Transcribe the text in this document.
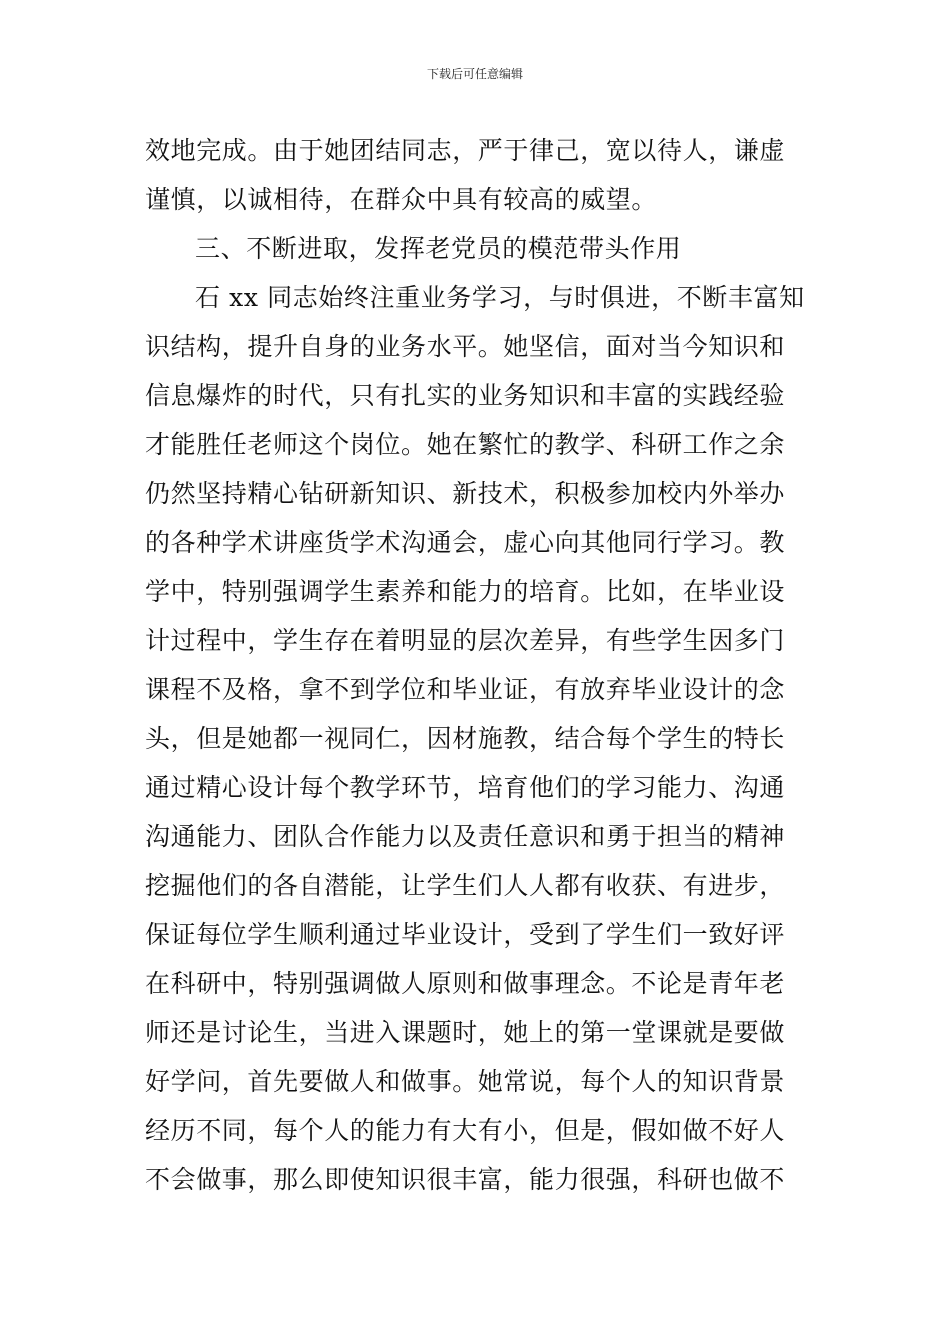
下载后可任意编辑
效地完成。由于她团结同志，严于律己，宽以待人，谦虚
谨慎，以诚相待，在群众中具有较高的威望。
三、不断进取，发挥老党员的模范带头作用
石 xx 同志始终注重业务学习，与时俱进，不断丰富知
识结构，提升自身的业务水平。她坚信，面对当今知识和
信息爆炸的时代，只有扎实的业务知识和丰富的实践经验
才能胜任老师这个岗位。她在繁忙的教学、科研工作之余
仍然坚持精心钻研新知识、新技术，积极参加校内外举办
的各种学术讲座货学术沟通会，虚心向其他同行学习。教
学中，特别强调学生素养和能力的培育。比如，在毕业设
计过程中，学生存在着明显的层次差异，有些学生因多门
课程不及格，拿不到学位和毕业证，有放弃毕业设计的念
头，但是她都一视同仁，因材施教，结合每个学生的特长
通过精心设计每个教学环节，培育他们的学习能力、沟通
沟通能力、团队合作能力以及责任意识和勇于担当的精神
挖掘他们的各自潜能，让学生们人人都有收获、有进步，
保证每位学生顺利通过毕业设计，受到了学生们一致好评
在科研中，特别强调做人原则和做事理念。不论是青年老
师还是讨论生，当进入课题时，她上的第一堂课就是要做
好学问，首先要做人和做事。她常说，每个人的知识背景
经历不同，每个人的能力有大有小，但是，假如做不好人
不会做事，那么即使知识很丰富，能力很强，科研也做不
